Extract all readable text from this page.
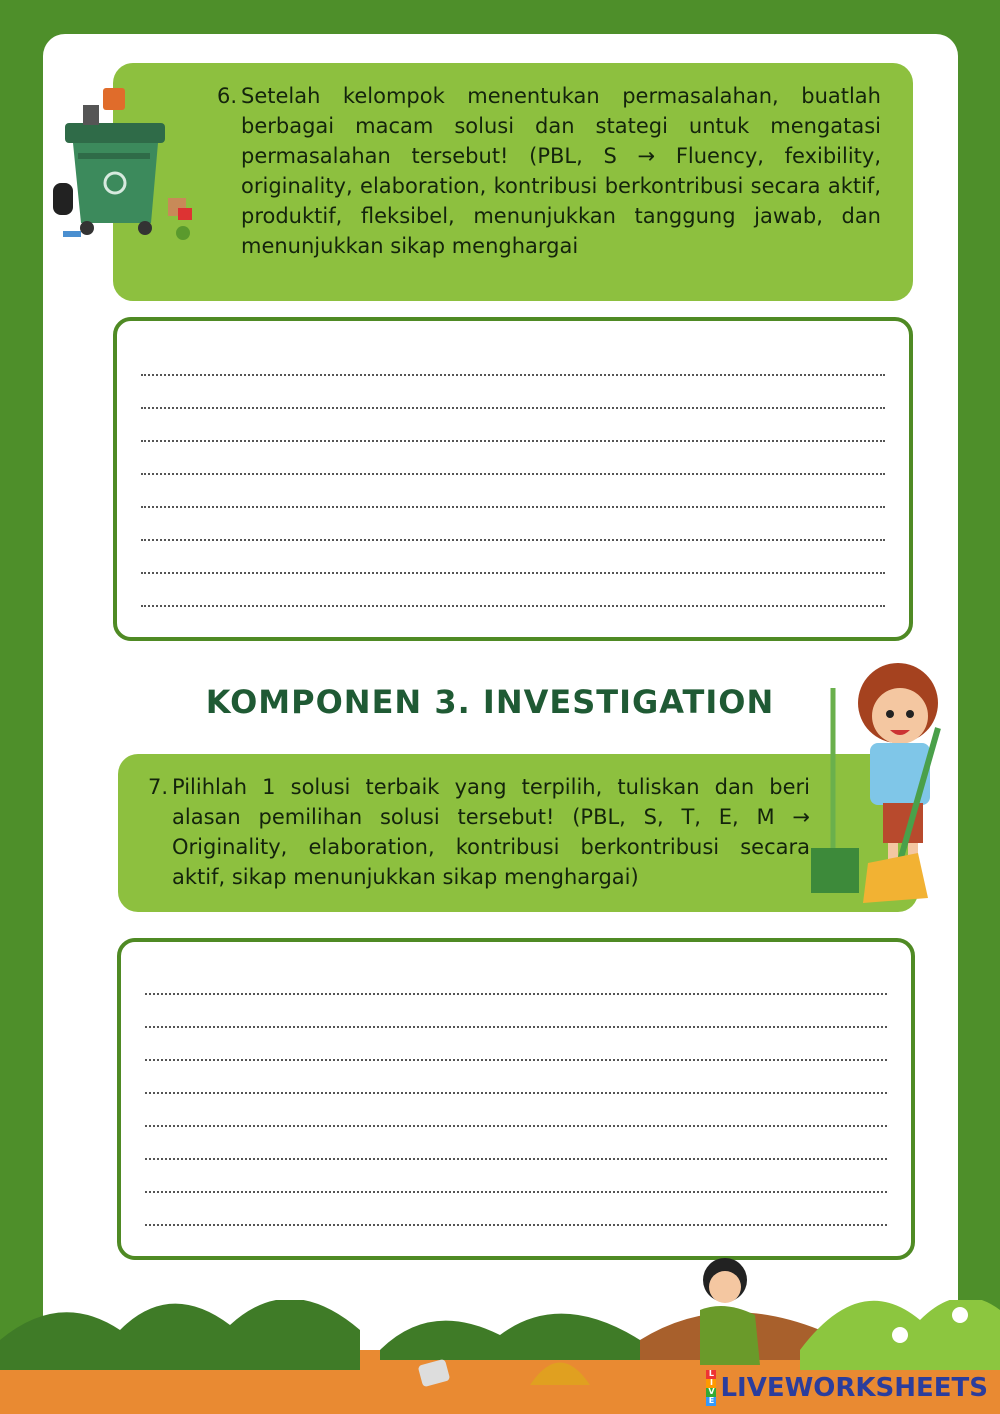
6. Setelah kelompok menentukan permasalahan, buatlah berbagai macam solusi dan stategi untuk mengatasi permasalahan tersebut! (PBL, S → Fluency, fexibility, originality, elaboration, kontribusi berkontribusi secara aktif, produktif, fleksibel, menunjukkan tanggung jawab, dan menunjukkan sikap menghargai
KOMPONEN 3. INVESTIGATION
7. Pilihlah 1 solusi terbaik yang terpilih, tuliskan dan beri alasan pemilihan solusi tersebut! (PBL, S, T, E, M → Originality, elaboration, kontribusi berkontribusi secara aktif, sikap menunjukkan sikap menghargai)
L
I
V
E LIVEWORKSHEETS
